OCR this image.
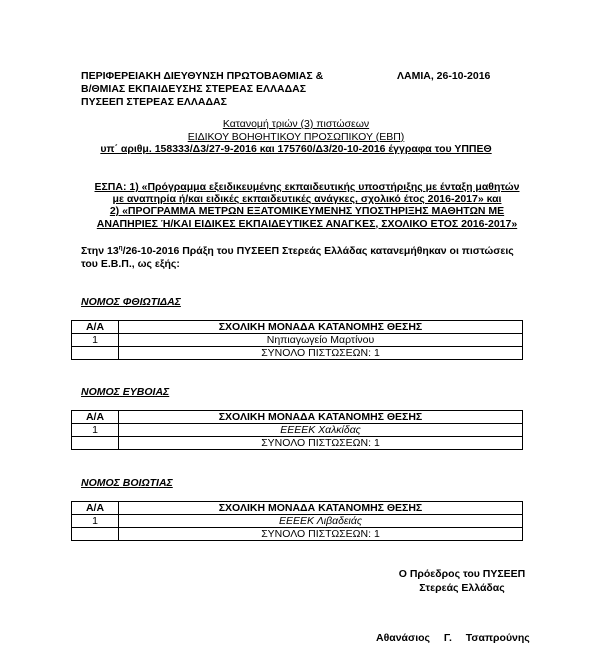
ΠΕΡΙΦΕΡΕΙΑΚΗ ΔΙΕΥΘΥΝΣΗ ΠΡΩΤΟΒΑΘΜΙΑΣ &
Β/ΘΜΙΑΣ ΕΚΠΑΙΔΕΥΣΗΣ ΣΤΕΡΕΑΣ ΕΛΛΑΔΑΣ
ΠΥΣΕΕΠ ΣΤΕΡΕΑΣ ΕΛΛΑΔΑΣ
ΛΑΜΙΑ, 26-10-2016
Κατανομή τριών (3) πιστώσεων
ΕΙΔΙΚΟΥ ΒΟΗΘΗΤΙΚΟΥ ΠΡΟΣΩΠΙΚΟΥ (ΕΒΠ)
υπ΄ αριθμ. 158333/Δ3/27-9-2016 και 175760/Δ3/20-10-2016 έγγραφα του ΥΠΠΕΘ
ΕΣΠΑ: 1) «Πρόγραμμα εξειδικευμένης εκπαιδευτικής υποστήριξης με ένταξη μαθητών
με αναπηρία ή/και ειδικές εκπαιδευτικές ανάγκες, σχολικό έτος 2016-2017» και
2) «ΠΡΟΓΡΑΜΜΑ ΜΕΤΡΩΝ ΕΞΑΤΟΜΙΚΕΥΜΕΝΗΣ ΥΠΟΣΤΗΡΙΞΗΣ ΜΑΘΗΤΩΝ ΜΕ
ΑΝΑΠΗΡΙΕΣ Ή/ΚΑΙ ΕΙΔΙΚΕΣ ΕΚΠΑΙΔΕΥΤΙΚΕΣ ΑΝΑΓΚΕΣ, ΣΧΟΛΙΚΟ ΕΤΟΣ 2016-2017»
Στην $13^\eta/26-10-2016$ Πράξη του ΠΥΣΕΕΠ Στερεάς Ελλάδας κατανεμήθηκαν οι πιστώσεις
του Ε.Β.Π., ως εξής:
ΝΟΜΟΣ ΦΘΙΩΤΙΔΑΣ
Α/Α	ΣΧΟΛΙΚΗ ΜΟΝΑΔΑ ΚΑΤΑΝΟΜΗΣ ΘΕΣΗΣ
1	Νηπιαγωγείο Μαρτίνου
	ΣΥΝΟΛΟ ΠΙΣΤΩΣΕΩΝ: 1
ΝΟΜΟΣ ΕΥΒΟΙΑΣ
Α/Α	ΣΧΟΛΙΚΗ ΜΟΝΑΔΑ ΚΑΤΑΝΟΜΗΣ ΘΕΣΗΣ
1	ΕΕΕΕΚ Χαλκίδας
	ΣΥΝΟΛΟ ΠΙΣΤΩΣΕΩΝ: 1
ΝΟΜΟΣ ΒΟΙΩΤΙΑΣ
Α/Α	ΣΧΟΛΙΚΗ ΜΟΝΑΔΑ ΚΑΤΑΝΟΜΗΣ ΘΕΣΗΣ
1	ΕΕΕΕΚ Λιβαδειάς
	ΣΥΝΟΛΟ ΠΙΣΤΩΣΕΩΝ: 1
Ο Πρόεδρος του ΠΥΣΕΕΠ
Στερεάς Ελλάδας
Αθανάσιος  Γ.  Τσαπρούνης
